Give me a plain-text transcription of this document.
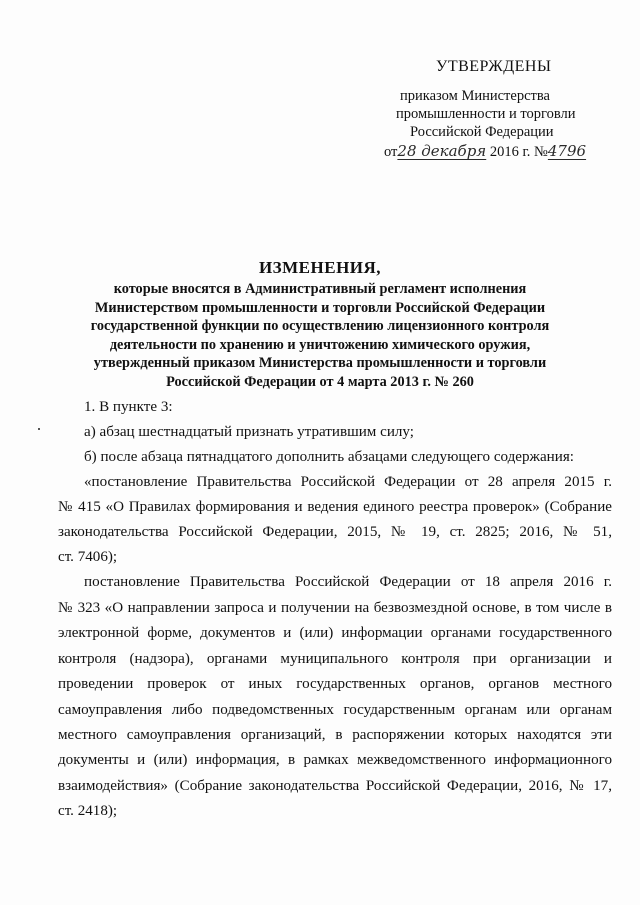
УТВЕРЖДЕНЫ
приказом Министерства
промышленности и торговли
Российской Федерации
от28 декабря 2016 г. №4796
ИЗМЕНЕНИЯ,
которые вносятся в Административный регламент исполнения
Министерством промышленности и торговли Российской Федерации
государственной функции по осуществлению лицензионного контроля
деятельности по хранению и уничтожению химического оружия,
утвержденный приказом Министерства промышленности и торговли
Российской Федерации от 4 марта 2013 г. № 260
1. В пункте 3:
а) абзац шестнадцатый признать утратившим силу;
б) после абзаца пятнадцатого дополнить абзацами следующего содержания:
«постановление Правительства Российской Федерации от 28 апреля 2015 г.
№ 415 «О Правилах формирования и ведения единого реестра проверок» (Собрание
законодательства Российской Федерации, 2015, № 19, ст. 2825; 2016, № 51,
ст. 7406);
постановление Правительства Российской Федерации от 18 апреля 2016 г.
№ 323 «О направлении запроса и получении на безвозмездной основе, в том числе в
электронной форме, документов и (или) информации органами государственного
контроля (надзора), органами муниципального контроля при организации и
проведении проверок от иных государственных органов, органов местного
самоуправления либо подведомственных государственным органам или органам
местного самоуправления организаций, в распоряжении которых находятся эти
документы и (или) информация, в рамках межведомственного информационного
взаимодействия» (Собрание законодательства Российской Федерации, 2016, № 17,
ст. 2418);
